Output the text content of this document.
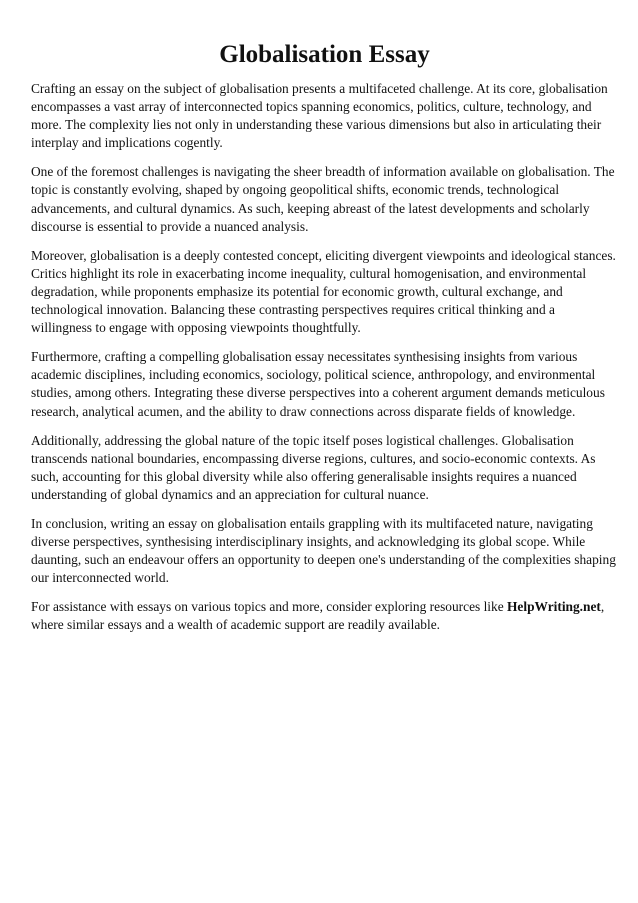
Globalisation Essay

Crafting an essay on the subject of globalisation presents a multifaceted challenge. At its core, globalisation encompasses a vast array of interconnected topics spanning economics, politics, culture, technology, and more. The complexity lies not only in understanding these various dimensions but also in articulating their interplay and implications cogently.

One of the foremost challenges is navigating the sheer breadth of information available on globalisation. The topic is constantly evolving, shaped by ongoing geopolitical shifts, economic trends, technological advancements, and cultural dynamics. As such, keeping abreast of the latest developments and scholarly discourse is essential to provide a nuanced analysis.

Moreover, globalisation is a deeply contested concept, eliciting divergent viewpoints and ideological stances. Critics highlight its role in exacerbating income inequality, cultural homogenisation, and environmental degradation, while proponents emphasize its potential for economic growth, cultural exchange, and technological innovation. Balancing these contrasting perspectives requires critical thinking and a willingness to engage with opposing viewpoints thoughtfully.

Furthermore, crafting a compelling globalisation essay necessitates synthesising insights from various academic disciplines, including economics, sociology, political science, anthropology, and environmental studies, among others. Integrating these diverse perspectives into a coherent argument demands meticulous research, analytical acumen, and the ability to draw connections across disparate fields of knowledge.

Additionally, addressing the global nature of the topic itself poses logistical challenges. Globalisation transcends national boundaries, encompassing diverse regions, cultures, and socio-economic contexts. As such, accounting for this global diversity while also offering generalisable insights requires a nuanced understanding of global dynamics and an appreciation for cultural nuance.

In conclusion, writing an essay on globalisation entails grappling with its multifaceted nature, navigating diverse perspectives, synthesising interdisciplinary insights, and acknowledging its global scope. While daunting, such an endeavour offers an opportunity to deepen one's understanding of the complexities shaping our interconnected world.

For assistance with essays on various topics and more, consider exploring resources like HelpWriting.net, where similar essays and a wealth of academic support are readily available.
